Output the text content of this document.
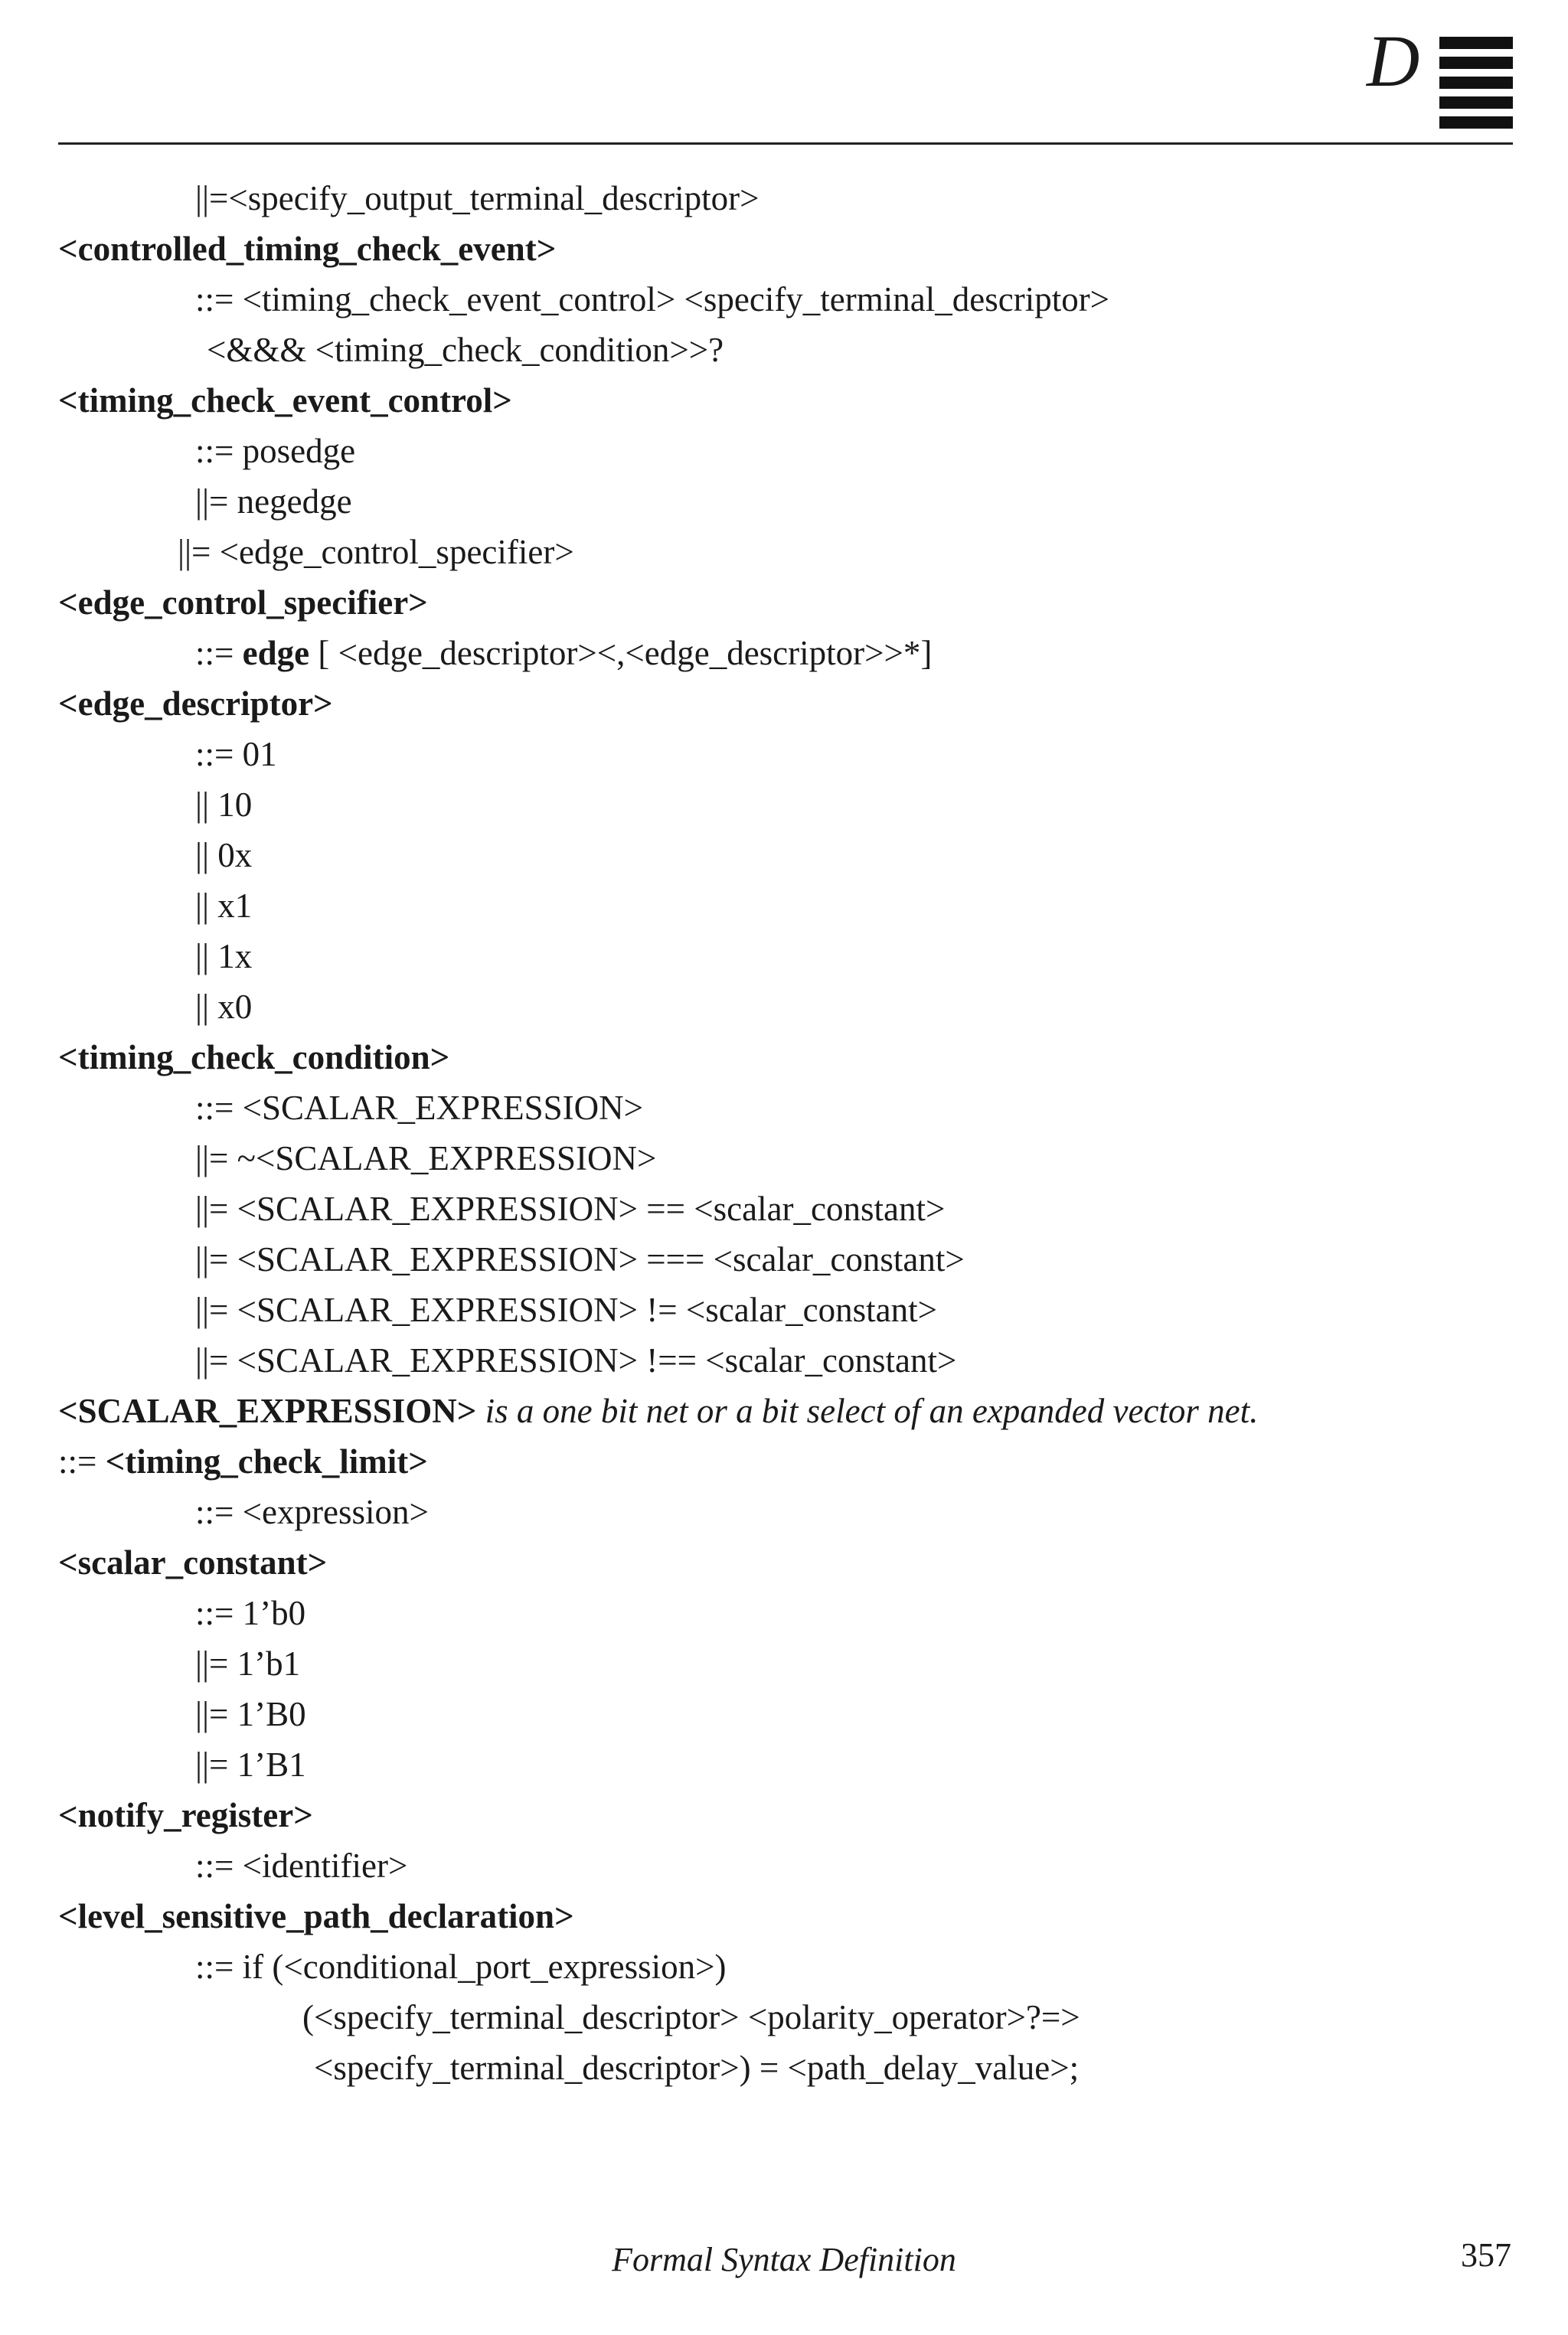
D
||=<specify_output_terminal_descriptor>
<controlled_timing_check_event>
::= <timing_check_event_control> <specify_terminal_descriptor>
<&&& <timing_check_condition>>?
<timing_check_event_control>
::= posedge
||= negedge
||= <edge_control_specifier>
<edge_control_specifier>
::= edge [ <edge_descriptor><,<edge_descriptor>>*]
<edge_descriptor>
::= 01
|| 10
|| 0x
|| x1
|| 1x
|| x0
<timing_check_condition>
::= <SCALAR_EXPRESSION>
||= ~<SCALAR_EXPRESSION>
||= <SCALAR_EXPRESSION> == <scalar_constant>
||= <SCALAR_EXPRESSION> === <scalar_constant>
||= <SCALAR_EXPRESSION> != <scalar_constant>
||= <SCALAR_EXPRESSION> !== <scalar_constant>
<SCALAR_EXPRESSION> is a one bit net or a bit select of an expanded vector net.
::= <timing_check_limit>
::= <expression>
<scalar_constant>
::= 1’b0
||= 1’b1
||= 1’B0
||= 1’B1
<notify_register>
::= <identifier>
<level_sensitive_path_declaration>
::= if (<conditional_port_expression>)
(<specify_terminal_descriptor> <polarity_operator>?=>
<specify_terminal_descriptor>) = <path_delay_value>;
Formal Syntax Definition	357
